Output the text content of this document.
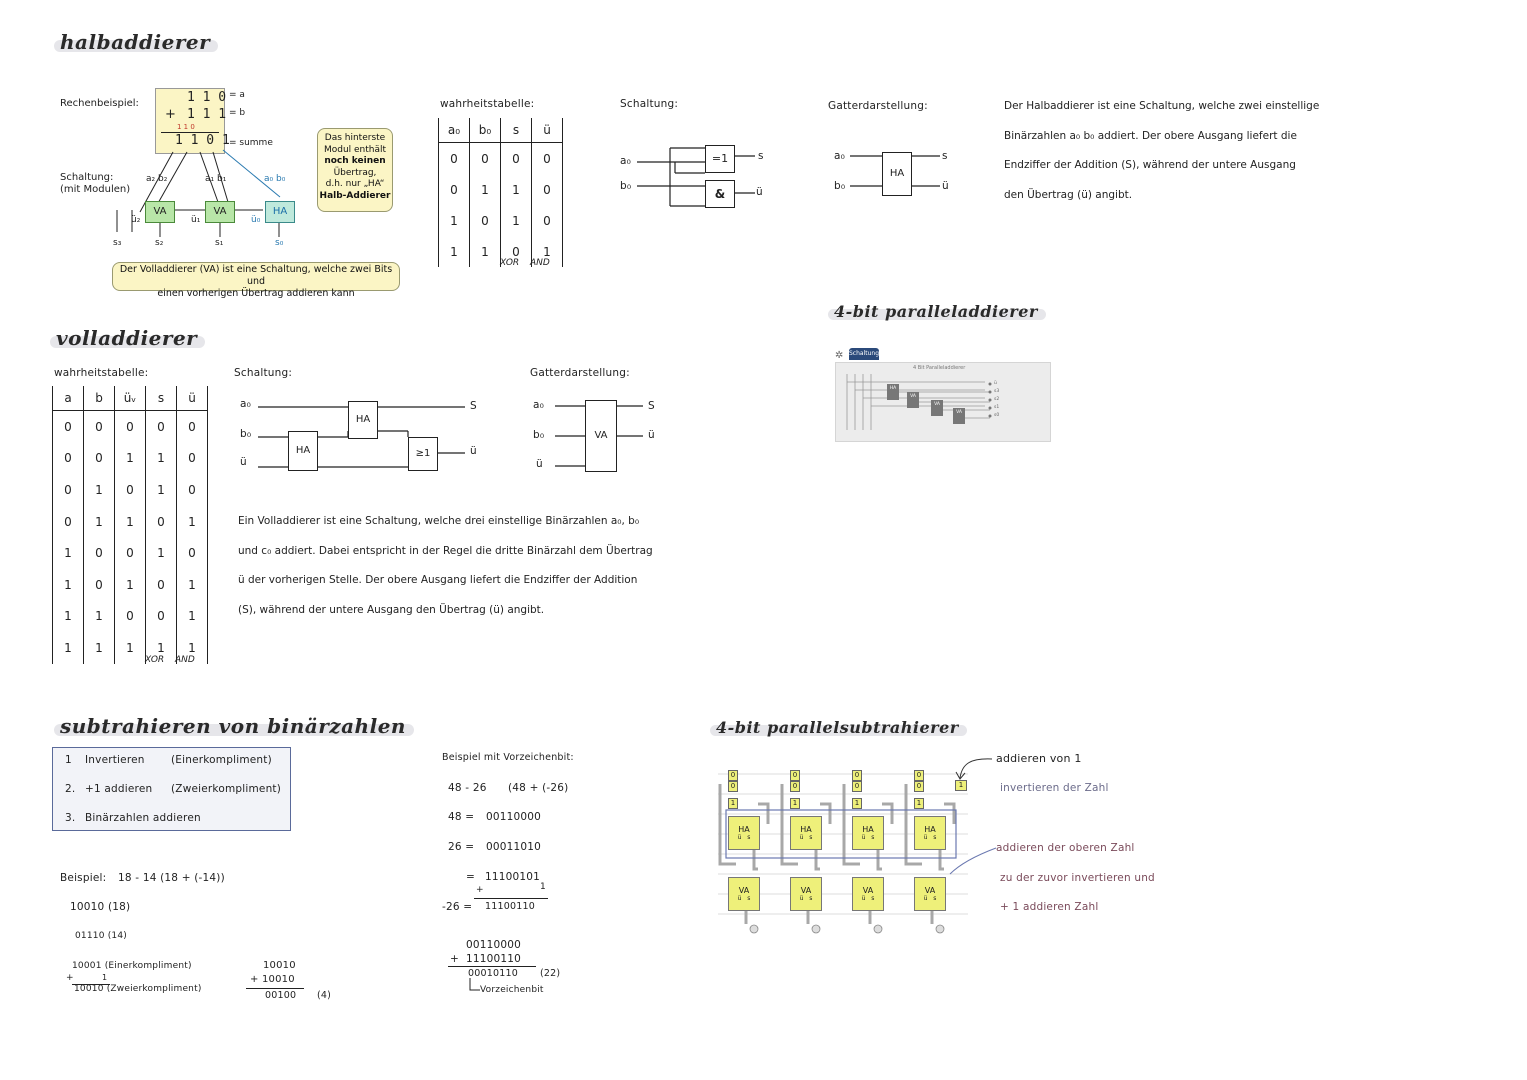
halbaddierer
volladdierer
4-bit paralleladdierer
subtrahieren von binärzahlen	4-bit parallelsubtrahierer
Rechenbeispiel:	1 1 0
+ 1 1 1
1 1 0
1 1 0 1
= a
= b
= summe
Schaltung:
(mit Modulen)
a₂ b₂	a₁ b₁	a₀ b₀
VA	VA	HA
ü₂	ü₁	ü₀
s₃	s₂	s₁	s₀
Das hinterste
Modul enthält
noch keinen
Übertrag,
d.h. nur „HA“
Halb-Addierer
Der Volladdierer (VA) ist eine Schaltung, welche zwei Bits und
einen vorherigen Übertrag addieren kann
wahrheitstabelle:
a₀	b₀	s	ü
0	0	0	0
0	1	1	0
1	0	1	0
1	1	0	1
XOR AND
Schaltung:
=1
&
a₀
b₀
s
ü
Gatterdarstellung:
HA
a₀
b₀
s
ü
Der Halbaddierer ist eine Schaltung, welche zwei einstellige
Binärzahlen a₀ b₀ addiert. Der obere Ausgang liefert die
Endziffer der Addition (S), während der untere Ausgang
den Übertrag (ü) angibt.
wahrheitstabelle:
a	b	üᵥ	s	ü
0	0	0	0	0
0	0	1	1	0
0	1	0	1	0
0	1	1	0	1
1	0	0	1	0
1	0	1	0	1
1	1	0	0	1
1	1	1	1	1
XOR AND
Schaltung:
HA
HA	≥1
a₀
b₀
ü
S
ü
Gatterdarstellung:
VA
a₀
b₀
ü
S
ü
Ein Volladdierer ist eine Schaltung, welche drei einstellige Binärzahlen a₀, b₀
und c₀ addiert. Dabei entspricht in der Regel die dritte Binärzahl dem Übertrag
ü der vorherigen Stelle. Der obere Ausgang liefert die Endziffer der Addition
(S), während der untere Ausgang den Übertrag (ü) angibt.
✲ Schaltung
4 Bit Paralleladdierer
HA
VA
VA
VA
ü
s3
s2
s1
s0
1 Invertieren	(Einerkompliment)
2. +1 addieren (Zweierkompliment)
3. Binärzahlen addieren
Beispiel: 18 - 14 (18 + (-14))
10010 (18)
01110 (14)
10001 (Einerkompliment)
+	1
10010 (Zweierkompliment)
10010
+ 10010
00100 (4)
Beispiel mit Vorzeichenbit:
48 - 26 (48 + (-26)
48 = 00110000
26 = 00011010
= 11100101
+	1
-26 = 11100110
00110000
+ 11100110
00010110 (22)
Vorzeichenbit
0
0
1
0
0
1
0
0
1
0
0
1
1
HA
ü s
HA
ü s
HA
ü s
HA
ü s
VA
ü s
VA
ü s
VA
ü s
VA
ü s
addieren von 1
invertieren der Zahl
addieren der oberen Zahl
zu der zuvor invertieren und
+ 1 addieren Zahl
